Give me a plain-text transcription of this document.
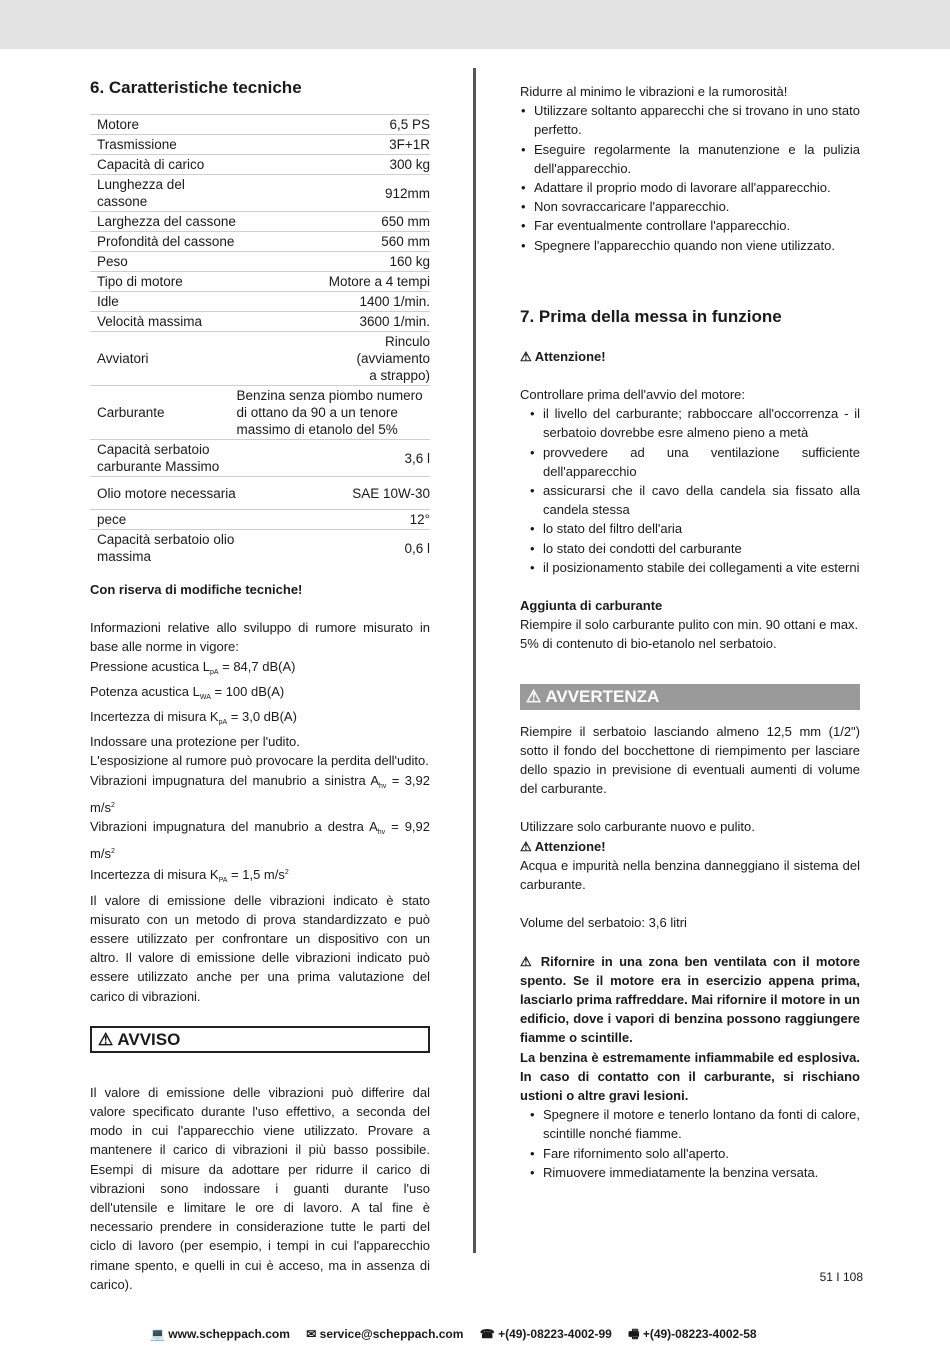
6. Caratteristiche tecniche
Motore	6,5 PS
Trasmissione	3F+1R
Capacità di carico	300 kg
Lunghezza del cassone	912mm
Larghezza del cassone	650 mm
Profondità del cassone	560 mm
Peso	160 kg
Tipo di motore	Motore a 4 tempi
Idle	1400 1/min.
Velocità massima	3600 1/min.
Avviatori	Rinculo (avviamento a strappo)
Carburante	Benzina senza piombo numero di ottano da 90 a un tenore massimo di etanolo del 5%
Capacità serbatoio carburante Massimo	3,6 l
Olio motore necessaria	SAE 10W-30
pece	12°
Capacità serbatoio olio massima	0,6 l

Con riserva di modifiche tecniche!

Informazioni relative allo sviluppo di rumore misurato in base alle norme in vigore:

Pressione acustica $L_{pA} = 84,7$ dB(A)

Potenza acustica $L_{WA} = 100$ dB(A)

Incertezza di misura $K_{pA} = 3,0$ dB(A)

Indossare una protezione per l'udito.

L'esposizione al rumore può provocare la perdita dell'udito.

Vibrazioni impugnatura del manubrio a sinistra $A_{hv} = 3,92$ $m/s^2$

Vibrazioni impugnatura del manubrio a destra $A_{hv} = 9,92$ $m/s^2$

Incertezza di misura $K_{PA} = 1,5$ $m/s^2$

Il valore di emissione delle vibrazioni indicato è stato misurato con un metodo di prova standardizzato e può essere utilizzato per confrontare un dispositivo con un altro. Il valore di emissione delle vibrazioni indicato può essere utilizzato anche per una prima valutazione del carico di vibrazioni.

⚠ AVVISO

Il valore di emissione delle vibrazioni può differire dal valore specificato durante l'uso effettivo, a seconda del modo in cui l'apparecchio viene utilizzato. Provare a mantenere il carico di vibrazioni il più basso possibile. Esempi di misure da adottare per ridurre il carico di vibrazioni sono indossare i guanti durante l'uso dell'utensile e limitare le ore di lavoro. A tal fine è necessario prendere in considerazione tutte le parti del ciclo di lavoro (per esempio, i tempi in cui l'apparecchio rimane spento, e quelli in cui è acceso, ma in assenza di carico).

Ridurre al minimo le vibrazioni e la rumorosità!

• Utilizzare soltanto apparecchi che si trovano in uno stato perfetto.
• Eseguire regolarmente la manutenzione e la pulizia dell'apparecchio.
• Adattare il proprio modo di lavorare all'apparecchio.
• Non sovraccaricare l'apparecchio.
• Far eventualmente controllare l'apparecchio.
• Spegnere l'apparecchio quando non viene utilizzato.
7. Prima della messa in funzione

⚠ Attenzione!

Controllare prima dell'avvio del motore:

• il livello del carburante; rabboccare all'occorrenza - il serbatoio dovrebbe esre almeno pieno a metà
• provvedere ad una ventilazione sufficiente dell'apparecchio
• assicurarsi che il cavo della candela sia fissato alla candela stessa
• lo stato del filtro dell'aria
• lo stato dei condotti del carburante
• il posizionamento stabile dei collegamenti a vite esterni

Aggiunta di carburante

Riempire il solo carburante pulito con min. 90 ottani e max. 5% di contenuto di bio-etanolo nel serbatoio.

⚠ AVVERTENZA

Riempire il serbatoio lasciando almeno 12,5 mm (1/2") sotto il fondo del bocchettone di riempimento per lasciare dello spazio in previsione di eventuali aumenti di volume del carburante.

Utilizzare solo carburante nuovo e pulito.

⚠ Attenzione!

Acqua e impurità nella benzina danneggiano il sistema del carburante.

Volume del serbatoio: 3,6 litri

⚠ Rifornire in una zona ben ventilata con il motore spento. Se il motore era in esercizio appena prima, lasciarlo prima raffreddare. Mai rifornire il motore in un edificio, dove i vapori di benzina possono raggiungere fiamme o scintille.

La benzina è estremamente infiammabile ed esplosiva. In caso di contatto con il carburante, si rischiano ustioni o altre gravi lesioni.

• Spegnere il motore e tenerlo lontano da fonti di calore, scintille nonché fiamme.
• Fare rifornimento solo all'aperto.
• Rimuovere immediatamente la benzina versata.
51 I 108
💻 www.scheppach.com ✉ service@scheppach.com ☎ +(49)-08223-4002-99 🖷 +(49)-08223-4002-58
